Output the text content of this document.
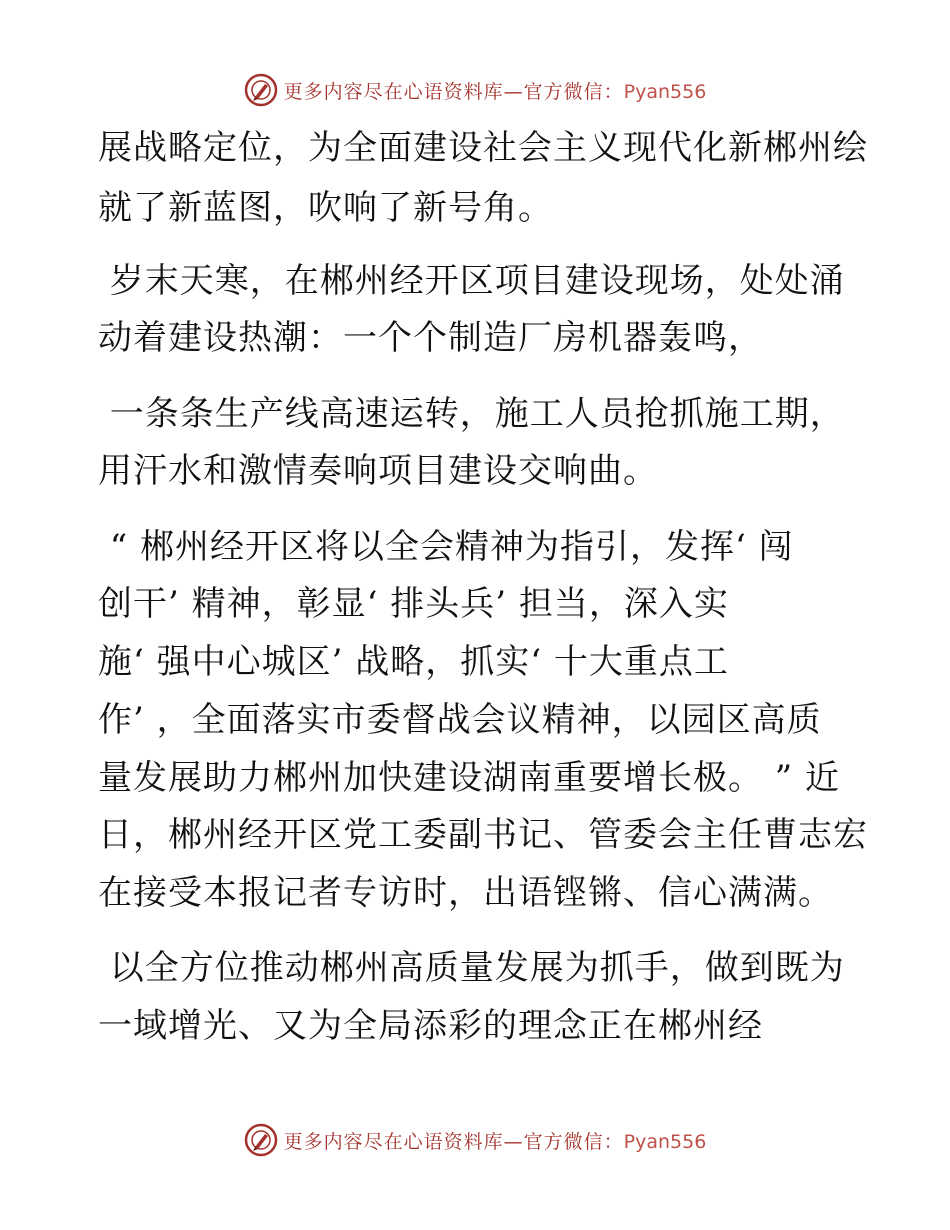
更多内容尽在心语资料库—官方微信：Pyan556
展战略定位，为全面建设社会主义现代化新郴州绘
就了新蓝图，吹响了新号角。
岁末天寒，在郴州经开区项目建设现场，处处涌
动着建设热潮：一个个制造厂房机器轰鸣，
一条条生产线高速运转，施工人员抢抓施工期，
用汗水和激情奏响项目建设交响曲。
“ 郴州经开区将以全会精神为指引，发挥‘ 闯
创干’ 精神，彰显‘ 排头兵’ 担当，深入实
施‘ 强中心城区’ 战略，抓实‘ 十大重点工
作’ ，全面落实市委督战会议精神，以园区高质
量发展助力郴州加快建设湖南重要增长极。 ” 近
日，郴州经开区党工委副书记、管委会主任曹志宏
在接受本报记者专访时，出语铿锵、信心满满。
以全方位推动郴州高质量发展为抓手，做到既为
一域增光、又为全局添彩的理念正在郴州经
更多内容尽在心语资料库—官方微信：Pyan556
